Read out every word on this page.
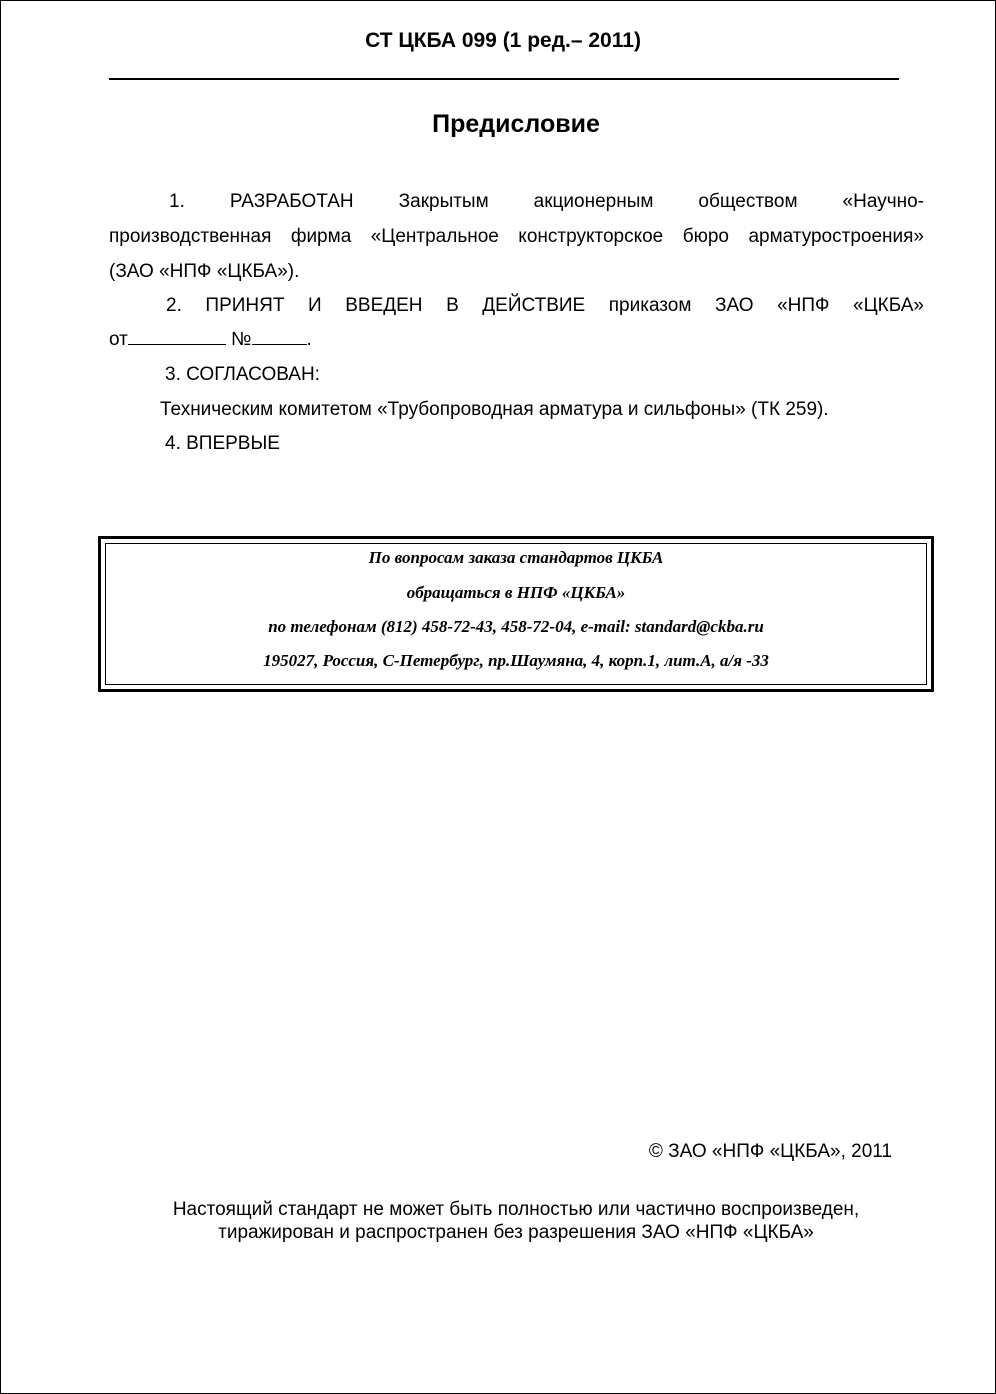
СТ ЦКБА 099 (1 ред.– 2011)
Предисловие
1. РАЗРАБОТАН Закрытым акционерным обществом «Научно-
производственная фирма «Центральное конструкторское бюро арматуростроения»
(ЗАО «НПФ «ЦКБА»).
2. ПРИНЯТ И ВВЕДЕН В ДЕЙСТВИЕ приказом ЗАО «НПФ «ЦКБА»
от	№	.
3. СОГЛАСОВАН:
Техническим комитетом «Трубопроводная арматура и сильфоны» (ТК 259).
4. ВПЕРВЫЕ
По вопросам заказа стандартов ЦКБА
обращаться в НПФ «ЦКБА»
по телефонам (812) 458-72-43, 458-72-04, e-mail: standard@ckba.ru
195027, Россия, С-Петербург, пр.Шаумяна, 4, корп.1, лит.А, а/я -33
© ЗАО «НПФ «ЦКБА», 2011
Настоящий стандарт не может быть полностью или частично воспроизведен,
тиражирован и распространен без разрешения ЗАО «НПФ «ЦКБА»
